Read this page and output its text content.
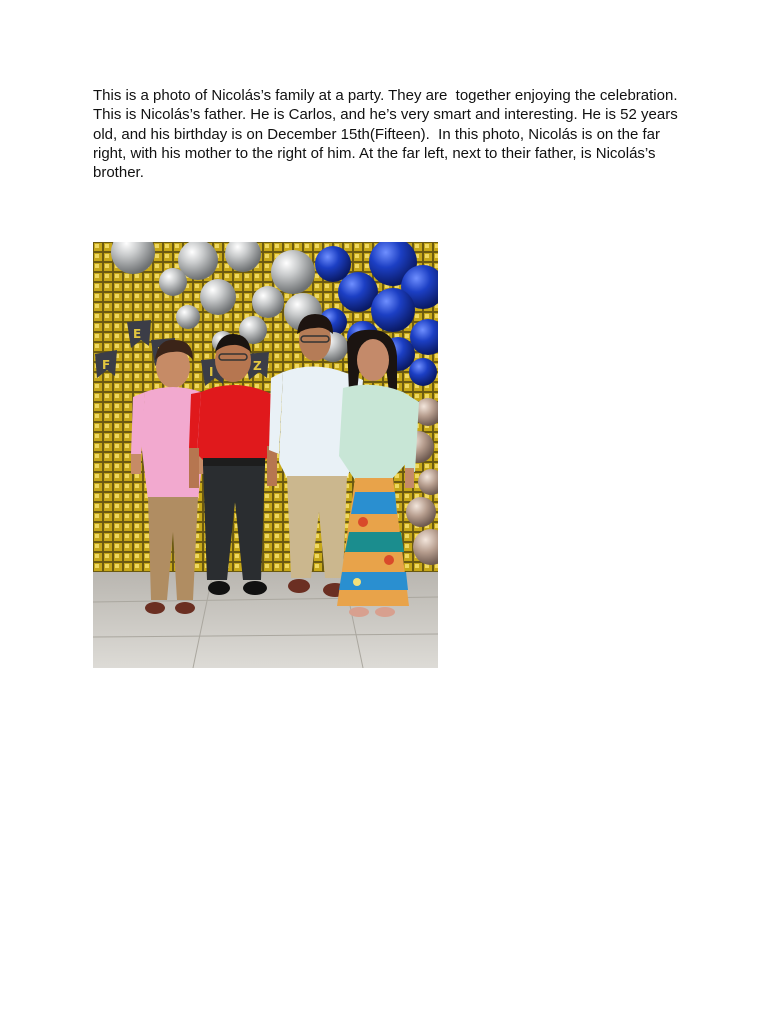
This is a photo of Nicolás’s family at a party. They are  together enjoying the celebration.

This is Nicolás’s father. He is Carlos, and he’s very smart and interesting. He is 52 years old, and his birthday is on December 15th(Fifteen).  In this photo, Nicolás is on the far right, with his mother to the right of him. At the far left, next to their father, is Nicolás’s brother.

F
E
I	Z
